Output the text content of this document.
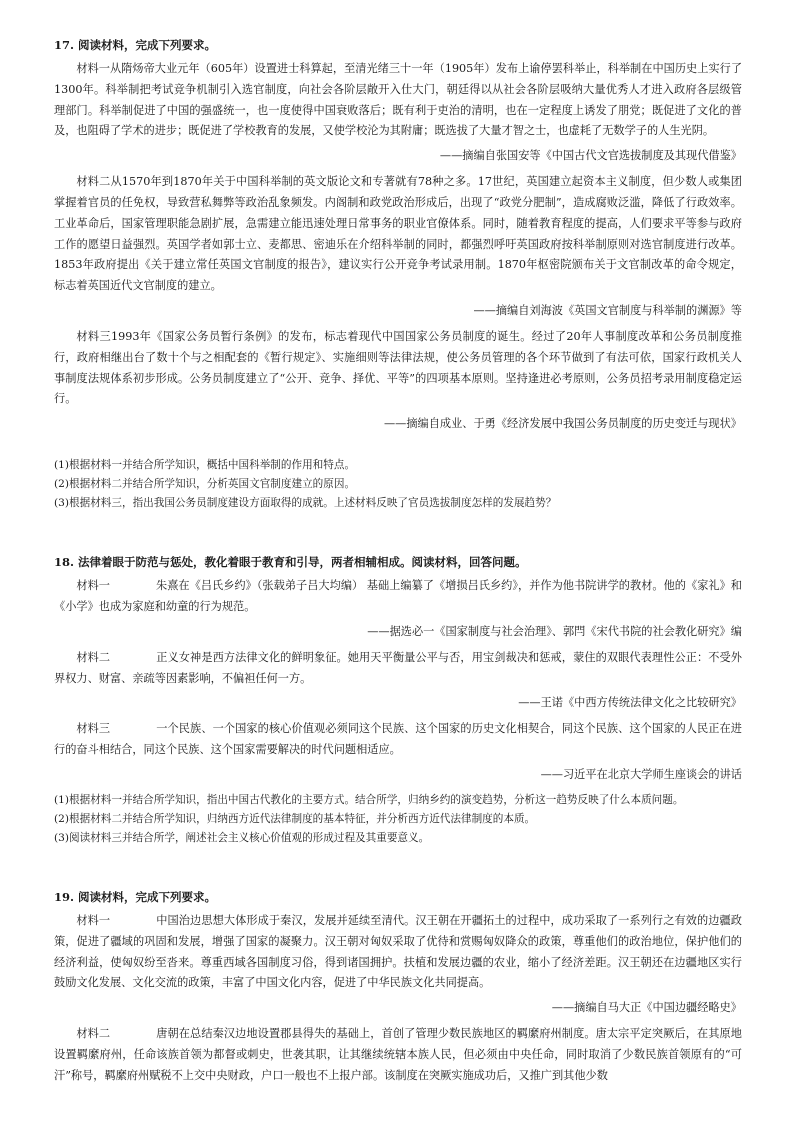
17. 阅读材料，完成下列要求。

材料一从隋炀帝大业元年（605年）设置进士科算起，至清光绪三十一年（1905年）发布上谕停罢科举止，科举制在中国历史上实行了1300年。科举制把考试竞争机制引入选官制度，向社会各阶层敞开入仕大门，朝廷得以从社会各阶层吸纳大量优秀人才进入政府各层级管理部门。科举制促进了中国的强盛统一，也一度使得中国衰败落后；既有利于吏治的清明，也在一定程度上诱发了朋党；既促进了文化的普及，也阻碍了学术的进步；既促进了学校教育的发展，又使学校沦为其附庸；既选拔了大量才智之士，也虚耗了无数学子的人生光阴。

——摘编自张国安等《中国古代文官选拔制度及其现代借鉴》

材料二从1570年到1870年关于中国科举制的英文版论文和专著就有78种之多。17世纪，英国建立起资本主义制度，但少数人或集团掌握着官员的任免权，导致营私舞弊等政治乱象频发。内阁制和政党政治形成后，出现了“政党分肥制”，造成腐败泛滥，降低了行政效率。工业革命后，国家管理职能急剧扩展，急需建立能迅速处理日常事务的职业官僚体系。同时，随着教育程度的提高，人们要求平等参与政府工作的愿望日益强烈。英国学者如郭士立、麦都思、密迪乐在介绍科举制的同时，都强烈呼吁英国政府按科举制原则对选官制度进行改革。1853年政府提出《关于建立常任英国文官制度的报告》，建议实行公开竞争考试录用制。1870年枢密院颁布关于文官制改革的命令规定，标志着英国近代文官制度的建立。

——摘编自刘海波《英国文官制度与科举制的渊源》等

材料三1993年《国家公务员暂行条例》的发布，标志着现代中国国家公务员制度的诞生。经过了20年人事制度改革和公务员制度推行，政府相继出台了数十个与之相配套的《暂行规定》、实施细则等法律法规，使公务员管理的各个环节做到了有法可依，国家行政机关人事制度法规体系初步形成。公务员制度建立了“公开、竞争、择优、平等”的四项基本原则。坚持逢进必考原则，公务员招考录用制度稳定运行。

——摘编自成业、于勇《经济发展中我国公务员制度的历史变迁与现状》

(1)根据材料一并结合所学知识，概括中国科举制的作用和特点。

(2)根据材料二并结合所学知识，分析英国文官制度建立的原因。

(3)根据材料三，指出我国公务员制度建设方面取得的成就。上述材料反映了官员选拔制度怎样的发展趋势？

18. 法律着眼于防范与惩处，教化着眼于教育和引导，两者相辅相成。阅读材料，回答问题。

材料一	朱熹在《吕氏乡约》（张载弟子吕大均编） 基础上编纂了《增损吕氏乡约》，并作为他书院讲学的教材。他的《家礼》和《小学》也成为家庭和幼童的行为规范。

——据选必一《国家制度与社会治理》、郭閂《宋代书院的社会教化研究》编

材料二	正义女神是西方法律文化的鲜明象征。她用天平衡量公平与否，用宝剑裁决和惩戒，蒙住的双眼代表理性公正：不受外界权力、财富、亲疏等因素影响，不偏袒任何一方。

——王诺《中西方传统法律文化之比较研究》

材料三	一个民族、一个国家的核心价值观必须同这个民族、这个国家的历史文化相契合，同这个民族、这个国家的人民正在进行的奋斗相结合，同这个民族、这个国家需要解决的时代问题相适应。

——习近平在北京大学师生座谈会的讲话

(1)根据材料一并结合所学知识，指出中国古代教化的主要方式。结合所学，归纳乡约的演变趋势，分析这一趋势反映了什么本质问题。

(2)根据材料二并结合所学知识，归纳西方近代法律制度的基本特征，并分析西方近代法律制度的本质。

(3)阅读材料三并结合所学，阐述社会主义核心价值观的形成过程及其重要意义。

19. 阅读材料，完成下列要求。

材料一	中国治边思想大体形成于秦汉，发展并延续至清代。汉王朝在开疆拓土的过程中，成功采取了一系列行之有效的边疆政策，促进了疆域的巩固和发展，增强了国家的凝聚力。汉王朝对匈奴采取了优待和赏赐匈奴降众的政策，尊重他们的政治地位，保护他们的经济利益，使匈奴纷至沓来。尊重西域各国制度习俗，得到诸国拥护。扶植和发展边疆的农业，缩小了经济差距。汉王朝还在边疆地区实行鼓励文化发展、文化交流的政策，丰富了中国文化内容，促进了中华民族文化共同提高。

——摘编自马大正《中国边疆经略史》

材料二	唐朝在总结秦汉边地设置郡县得失的基础上，首创了管理少数民族地区的羁縻府州制度。唐太宗平定突厥后，在其原地设置羁縻府州，任命该族首领为都督或刺史，世袭其职，让其继续统辖本族人民，但必须由中央任命，同时取消了少数民族首领原有的“可汗”称号，羁縻府州赋税不上交中央财政，户口一般也不上报户部。该制度在突厥实施成功后，又推广到其他少数
